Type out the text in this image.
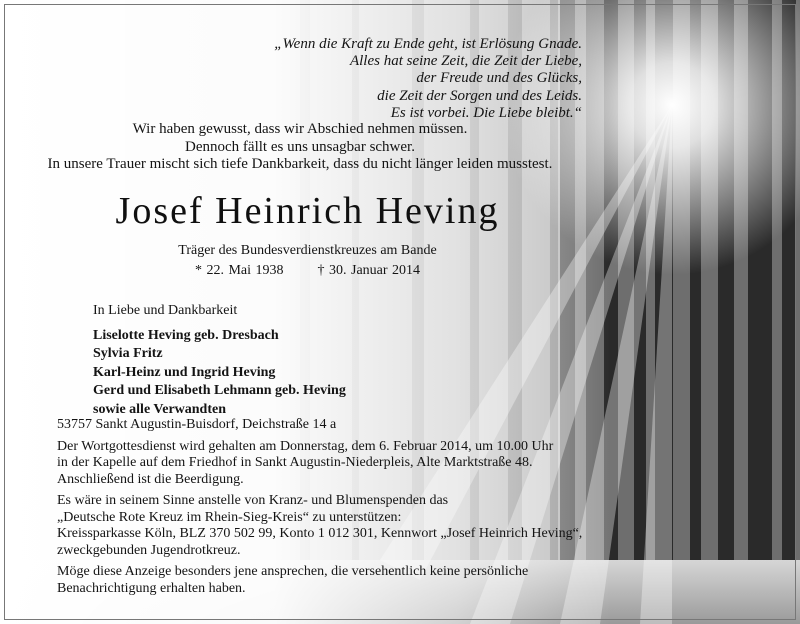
„Wenn die Kraft zu Ende geht, ist Erlösung Gnade.
Alles hat seine Zeit, die Zeit der Liebe,
der Freude und des Glücks,
die Zeit der Sorgen und des Leids.
Es ist vorbei. Die Liebe bleibt.“
Wir haben gewusst, dass wir Abschied nehmen müssen.
Dennoch fällt es uns unsagbar schwer.
In unsere Trauer mischt sich tiefe Dankbarkeit, dass du nicht länger leiden musstest.
Josef Heinrich Heving
Träger des Bundesverdienstkreuzes am Bande
* 22. Mai 1938 † 30. Januar 2014
In Liebe und Dankbarkeit
Liselotte Heving geb. Dresbach
Sylvia Fritz
Karl-Heinz und Ingrid Heving
Gerd und Elisabeth Lehmann geb. Heving
sowie alle Verwandten
53757 Sankt Augustin-Buisdorf, Deichstraße 14 a
Der Wortgottesdienst wird gehalten am Donnerstag, dem 6. Februar 2014, um 10.00 Uhr
in der Kapelle auf dem Friedhof in Sankt Augustin-Niederpleis, Alte Marktstraße 48.
Anschließend ist die Beerdigung.
Es wäre in seinem Sinne anstelle von Kranz- und Blumenspenden das
„Deutsche Rote Kreuz im Rhein-Sieg-Kreis“ zu unterstützen:
Kreissparkasse Köln, BLZ 370 502 99, Konto 1 012 301, Kennwort „Josef Heinrich Heving“,
zweckgebunden Jugendrotkreuz.
Möge diese Anzeige besonders jene ansprechen, die versehentlich keine persönliche
Benachrichtigung erhalten haben.
